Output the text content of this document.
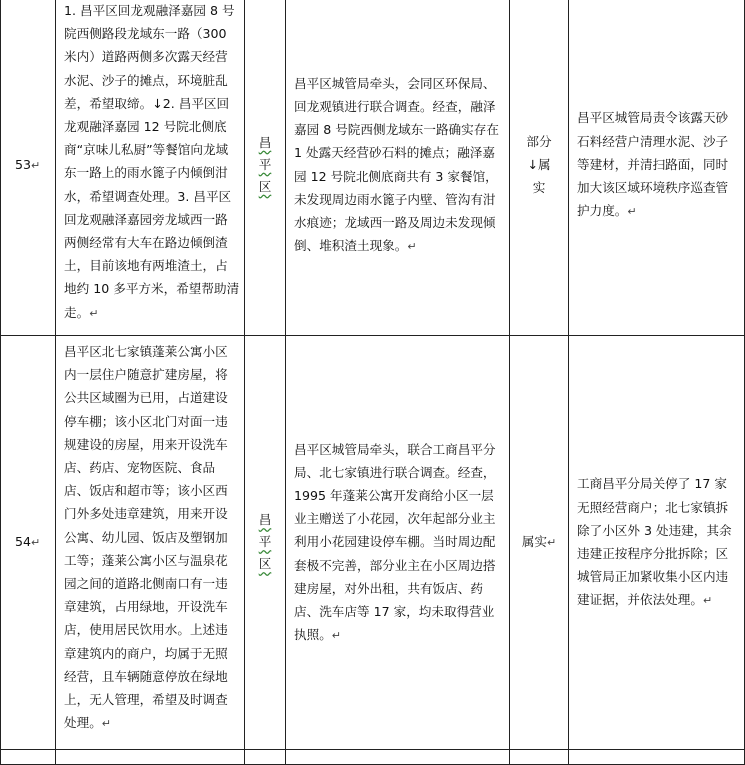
53↵	1. 昌平区回龙观融泽嘉园 8 号院西侧路段龙域东一路（300 米内）道路两侧多次露天经营水泥、沙子的摊点，环境脏乱差，希望取缔。↓2. 昌平区回龙观融泽嘉园 12 号院北侧底商“京味儿私厨”等餐馆向龙域东一路上的雨水篦子内倾倒泔水，希望调查处理。3. 昌平区回龙观融泽嘉园旁龙域西一路两侧经常有大车在路边倾倒渣土，目前该地有两堆渣土，占地约 10 多平方米，希望帮助清走。↵	昌平区	昌平区城管局牵头，会同区环保局、回龙观镇进行联合调查。经查，融泽嘉园 8 号院西侧龙域东一路确实存在 1 处露天经营砂石料的摊点；融泽嘉园 12 号院北侧底商共有 3 家餐馆，未发现周边雨水篦子内壁、管沟有泔水痕迹；龙域西一路及周边未发现倾倒、堆积渣土现象。↵	部分↓属实	昌平区城管局责令该露天砂石料经营户清理水泥、沙子等建材，并清扫路面，同时加大该区域环境秩序巡查管护力度。↵
54↵	昌平区北七家镇蓬莱公寓小区内一层住户随意扩建房屋，将公共区域圈为已用，占道建设停车棚；该小区北门对面一违规建设的房屋，用来开设洗车店、药店、宠物医院、食品店、饭店和超市等；该小区西门外多处违章建筑，用来开设公寓、幼儿园、饭店及塑钢加工等；蓬莱公寓小区与温泉花园之间的道路北侧南口有一违章建筑，占用绿地，开设洗车店，使用居民饮用水。上述违章建筑内的商户，均属于无照经营，且车辆随意停放在绿地上，无人管理，希望及时调查处理。↵	昌平区	昌平区城管局牵头，联合工商昌平分局、北七家镇进行联合调查。经查，1995 年蓬莱公寓开发商给小区一层业主赠送了小花园，次年起部分业主利用小花园建设停车棚。当时周边配套极不完善，部分业主在小区周边搭建房屋，对外出租，共有饭店、药店、洗车店等 17 家，均未取得营业执照。↵	属实↵	工商昌平分局关停了 17 家无照经营商户；北七家镇拆除了小区外 3 处违建，其余违建正按程序分批拆除；区城管局正加紧收集小区内违建证据，并依法处理。↵
